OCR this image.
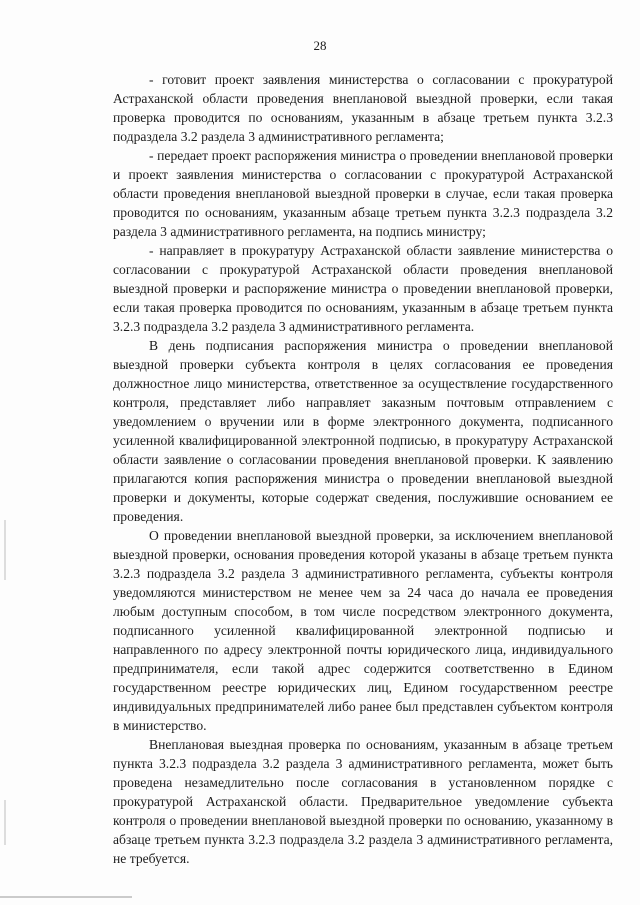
28

- готовит проект заявления министерства о согласовании с прокуратурой Астраханской области проведения внеплановой выездной проверки, если такая проверка проводится по основаниям, указанным в абзаце третьем пункта 3.2.3 подраздела 3.2 раздела 3 административного регламента;

- передает проект распоряжения министра о проведении внеплановой проверки и проект заявления министерства о согласовании с прокуратурой Астраханской области проведения внеплановой выездной проверки в случае, если такая проверка проводится по основаниям, указанным абзаце третьем пункта 3.2.3 подраздела 3.2 раздела 3 административного регламента, на подпись министру;

- направляет в прокуратуру Астраханской области заявление министерства о согласовании с прокуратурой Астраханской области проведения внеплановой выездной проверки и распоряжение министра о проведении внеплановой проверки, если такая проверка проводится по основаниям, указанным в абзаце третьем пункта 3.2.3 подраздела 3.2 раздела 3 административного регламента.

В день подписания распоряжения министра о проведении внеплановой выездной проверки субъекта контроля в целях согласования ее проведения должностное лицо министерства, ответственное за осуществление государственного контроля, представляет либо направляет заказным почтовым отправлением с уведомлением о вручении или в форме электронного документа, подписанного усиленной квалифицированной электронной подписью, в прокуратуру Астраханской области заявление о согласовании проведения внеплановой проверки. К заявлению прилагаются копия распоряжения министра о проведении внеплановой выездной проверки и документы, которые содержат сведения, послужившие основанием ее проведения.

О проведении внеплановой выездной проверки, за исключением внеплановой выездной проверки, основания проведения которой указаны в абзаце третьем пункта 3.2.3 подраздела 3.2 раздела 3 административного регламента, субъекты контроля уведомляются министерством не менее чем за 24 часа до начала ее проведения любым доступным способом, в том числе посредством электронного документа, подписанного усиленной квалифицированной электронной подписью и направленного по адресу электронной почты юридического лица, индивидуального предпринимателя, если такой адрес содержится соответственно в Едином государственном реестре юридических лиц, Едином государственном реестре индивидуальных предпринимателей либо ранее был представлен субъектом контроля в министерство.

Внеплановая выездная проверка по основаниям, указанным в абзаце третьем пункта 3.2.3 подраздела 3.2 раздела 3 административного регламента, может быть проведена незамедлительно после согласования в установленном порядке с прокуратурой Астраханской области. Предварительное уведомление субъекта контроля о проведении внеплановой выездной проверки по основанию, указанному в абзаце третьем пункта 3.2.3 подраздела 3.2 раздела 3 административного регламента, не требуется.
